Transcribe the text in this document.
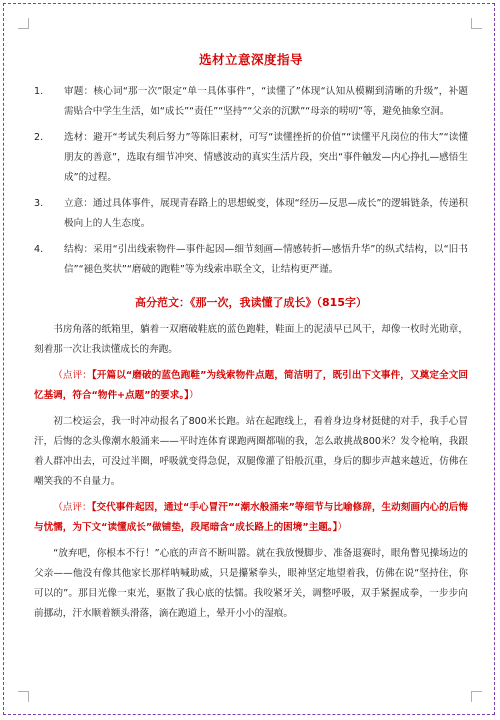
选材立意深度指导
1.	审题：核心词“那一次”限定“单一具体事件”，“读懂了”体现“认知从模糊到清晰的升级”，补题需贴合中学生生活，如“成长”“责任”“坚持”“父亲的沉默”“母亲的唠叨”等，避免抽象空洞。
2.	选材：避开“考试失利后努力”等陈旧素材，可写“读懂挫折的价值”“读懂平凡岗位的伟大”“读懂朋友的善意”，选取有细节冲突、情感波动的真实生活片段，突出“事件触发—内心挣扎—感悟生成”的过程。
3.	立意：通过具体事件，展现青春路上的思想蜕变，体现“经历—反思—成长”的逻辑链条，传递积极向上的人生态度。
4.	结构：采用“引出线索物件—事件起因—细节刻画—情感转折—感悟升华”的纵式结构，以“旧书信”“褪色奖状”“磨破的跑鞋”等为线索串联全文，让结构更严谨。
高分范文：《那一次，我读懂了成长》（815字）

书房角落的纸箱里，躺着一双磨破鞋底的蓝色跑鞋，鞋面上的泥渍早已风干，却像一枚时光勋章，刻着那一次让我读懂成长的奔跑。

（点评：【开篇以“磨破的蓝色跑鞋”为线索物件点题，简洁明了，既引出下文事件，又奠定全文回忆基调，符合“物件+点题”的要求。】）

初二校运会，我一时冲动报名了800米长跑。站在起跑线上，看着身边身材挺健的对手，我手心冒汗，后悔的念头像潮水般涌来——平时连体育课跑两圈都喘的我，怎么敢挑战800米？发令枪响，我跟着人群冲出去，可没过半圈，呼吸就变得急促，双腿像灌了铅般沉重，身后的脚步声越来越近，仿佛在嘲笑我的不自量力。

（点评：【交代事件起因，通过“手心冒汗”“潮水般涌来”等细节与比喻修辞，生动刻画内心的后悔与忧懦，为下文“读懂成长”做铺垫，段尾暗含“成长路上的困境”主题。】）

“放弃吧，你根本不行！”心底的声音不断叫嚣。就在我放慢脚步、准备退赛时，眼角瞥见操场边的父亲——他没有像其他家长那样呐喊助威，只是攥紧拳头，眼神坚定地望着我，仿佛在说“坚持住，你可以的”。那目光像一束光，驱散了我心底的怯懦。我咬紧牙关，调整呼吸，双手紧握成拳，一步步向前挪动，汗水顺着额头滑落，滴在跑道上，晕开小小的湿痕。
